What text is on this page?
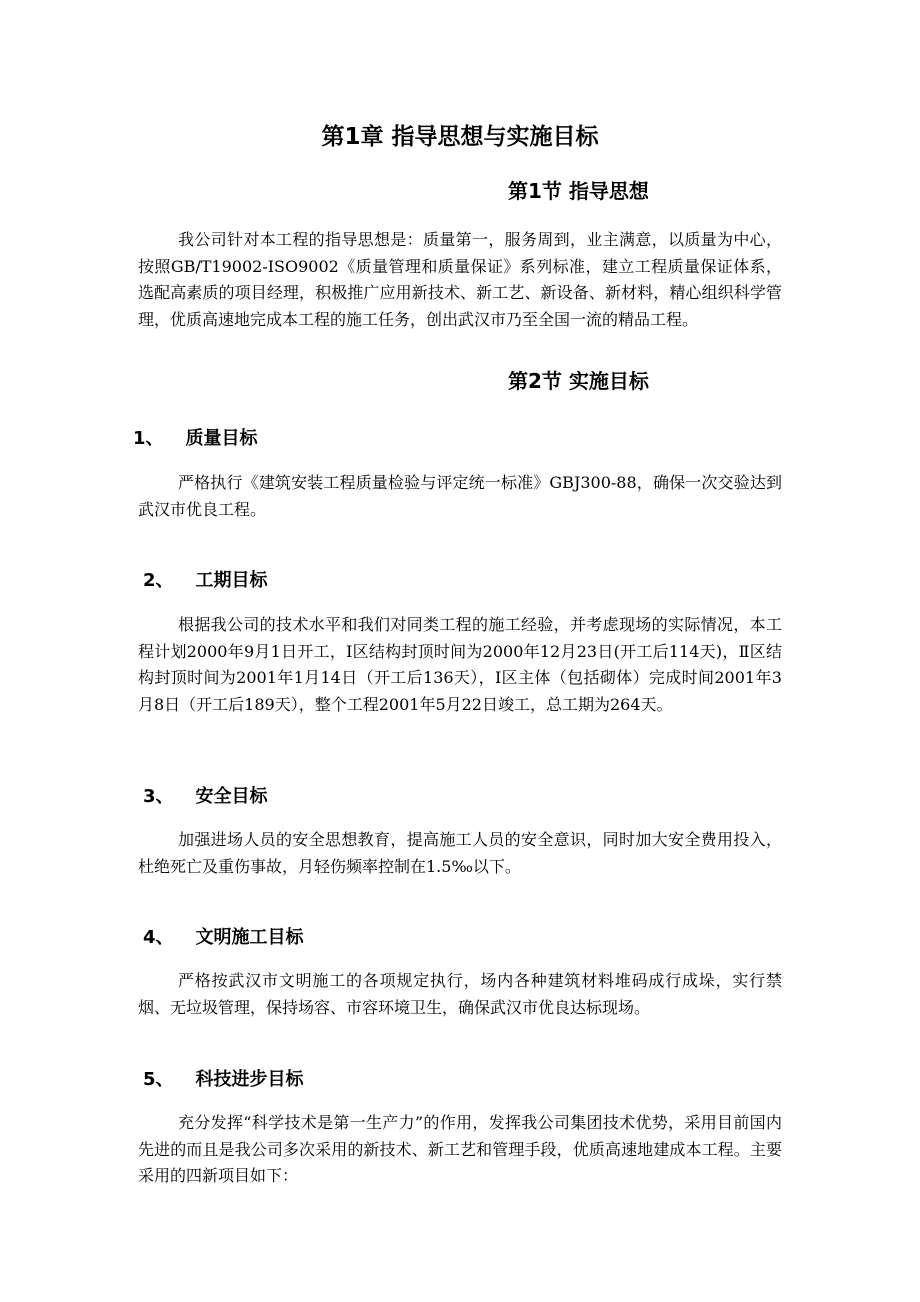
第1章 指导思想与实施目标
第1节 指导思想

我公司针对本工程的指导思想是：质量第一，服务周到，业主满意，以质量为中心，按照GB/T19002-ISO9002《质量管理和质量保证》系列标准，建立工程质量保证体系，选配高素质的项目经理，积极推广应用新技术、新工艺、新设备、新材料，精心组织科学管理，优质高速地完成本工程的施工任务，创出武汉市乃至全国一流的精品工程。

第2节 实施目标
1、 质量目标

严格执行《建筑安装工程质量检验与评定统一标准》GBJ300-88，确保一次交验达到武汉市优良工程。

2、 工期目标

根据我公司的技术水平和我们对同类工程的施工经验，并考虑现场的实际情况，本工程计划2000年9月1日开工，Ⅰ区结构封顶时间为2000年12月23日(开工后114天)，Ⅱ区结构封顶时间为2001年1月14日（开工后136天），Ⅰ区主体（包括砌体）完成时间2001年3月8日（开工后189天），整个工程2001年5月22日竣工，总工期为264天。

3、 安全目标

加强进场人员的安全思想教育，提高施工人员的安全意识，同时加大安全费用投入，杜绝死亡及重伤事故，月轻伤频率控制在1.5‰以下。

4、 文明施工目标

严格按武汉市文明施工的各项规定执行，场内各种建筑材料堆码成行成垛，实行禁烟、无垃圾管理，保持场容、市容环境卫生，确保武汉市优良达标现场。

5、 科技进步目标

充分发挥“科学技术是第一生产力”的作用，发挥我公司集团技术优势，采用目前国内先进的而且是我公司多次采用的新技术、新工艺和管理手段，优质高速地建成本工程。主要采用的四新项目如下：
